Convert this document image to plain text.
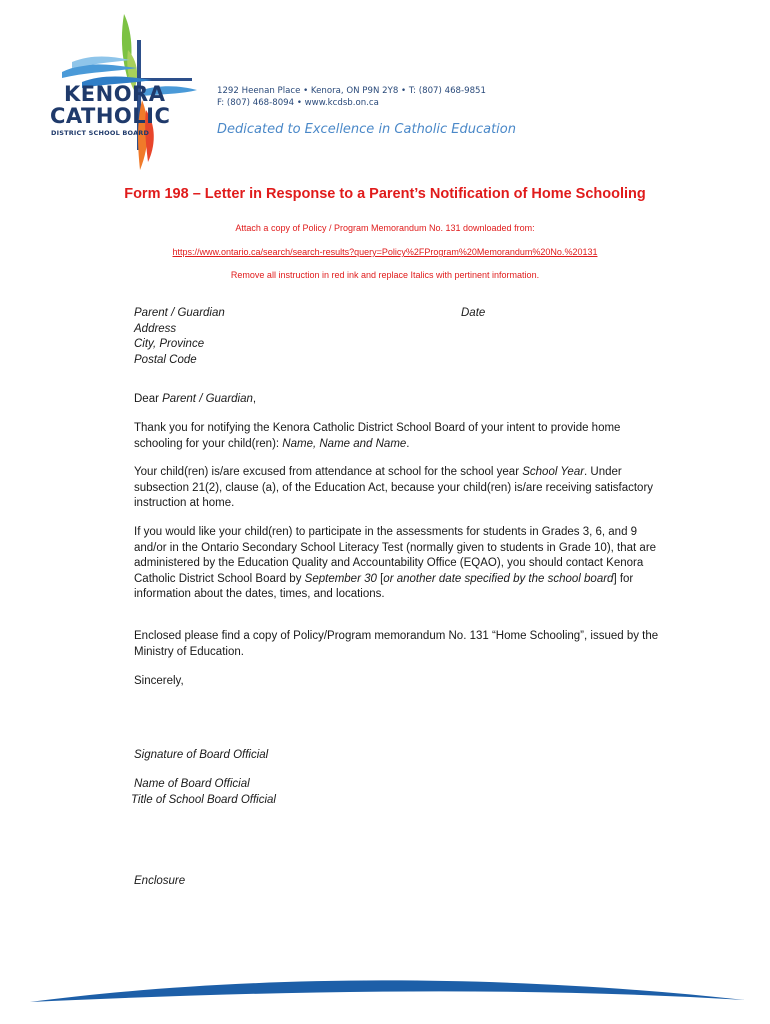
KENORA
CATHOLIC
DISTRICT SCHOOL BOARD
1292 Heenan Place • Kenora, ON P9N 2Y8 • T: (807) 468-9851
F: (807) 468-8094 • www.kcdsb.on.ca
Dedicated to Excellence in Catholic Education
Form 198 – Letter in Response to a Parent’s Notification of Home Schooling
Attach a copy of Policy / Program Memorandum No. 131 downloaded from:
https://www.ontario.ca/search/search-results?query=Policy%2FProgram%20Memorandum%20No.%20131
Remove all instruction in red ink and replace Italics with pertinent information.
Parent / Guardian
Address
City, Province
Postal Code
Date
Dear Parent / Guardian,
Thank you for notifying the Kenora Catholic District School Board of your intent to provide home
schooling for your child(ren): Name, Name and Name.
Your child(ren) is/are excused from attendance at school for the school year School Year. Under
subsection 21(2), clause (a), of the Education Act, because your child(ren) is/are receiving satisfactory
instruction at home.
If you would like your child(ren) to participate in the assessments for students in Grades 3, 6, and 9
and/or in the Ontario Secondary School Literacy Test (normally given to students in Grade 10), that are
administered by the Education Quality and Accountability Office (EQAO), you should contact Kenora
Catholic District School Board by September 30 [or another date specified by the school board] for
information about the dates, times, and locations.
Enclosed please find a copy of Policy/Program memorandum No. 131 “Home Schooling”, issued by the
Ministry of Education.
Sincerely,
Signature of Board Official
Name of Board Official
Title of School Board Official
Enclosure
